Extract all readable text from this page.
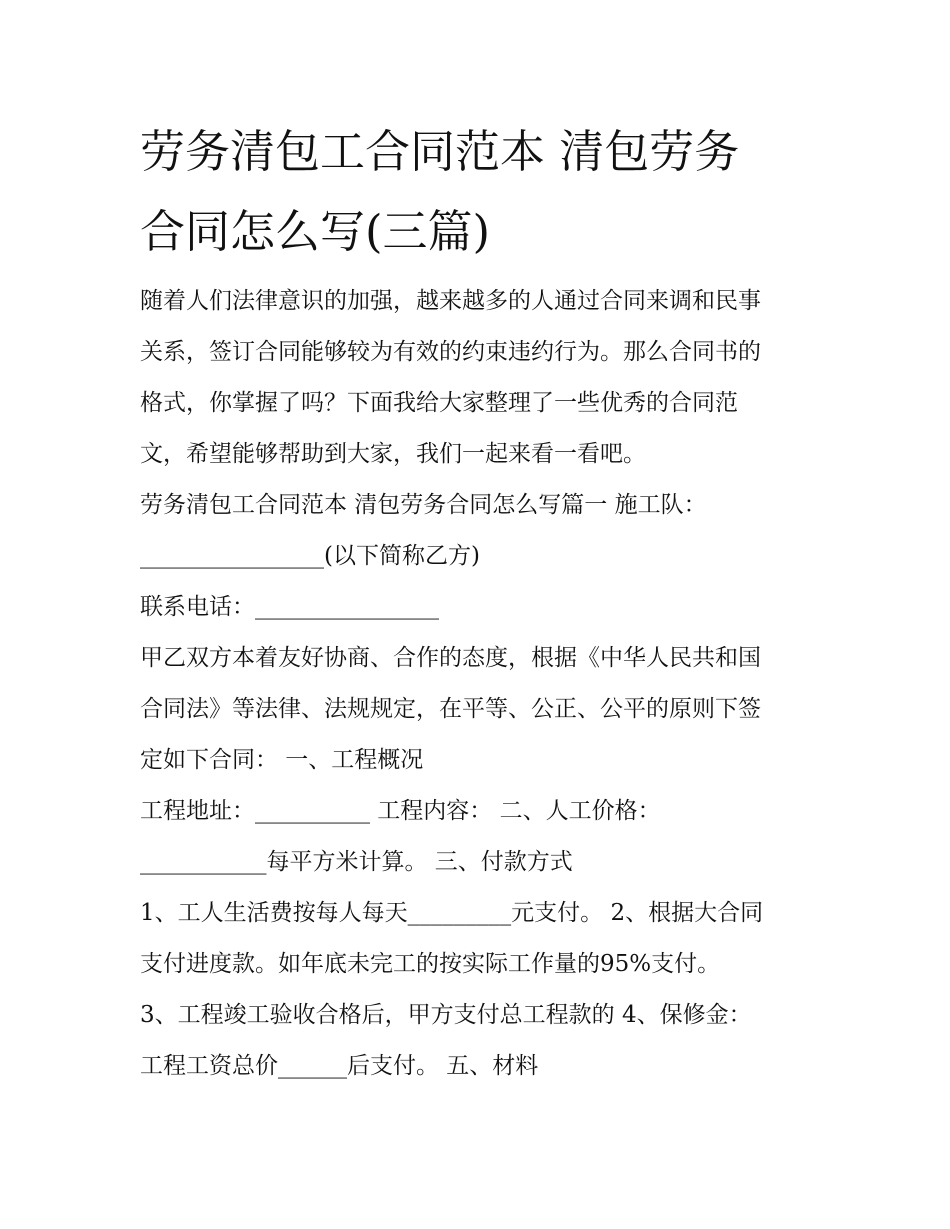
劳务清包工合同范本 清包劳务
合同怎么写(三篇)
随着人们法律意识的加强，越来越多的人通过合同来调和民事
关系，签订合同能够较为有效的约束违约行为。那么合同书的
格式，你掌握了吗？下面我给大家整理了一些优秀的合同范
文，希望能够帮助到大家，我们一起来看一看吧。
劳务清包工合同范本 清包劳务合同怎么写篇一 施工队：
________________(以下简称乙方)
联系电话：________________
甲乙双方本着友好协商、合作的态度，根据《中华人民共和国
合同法》等法律、法规规定，在平等、公正、公平的原则下签
定如下合同： 一、工程概况
工程地址：__________ 工程内容： 二、人工价格：
___________每平方米计算。 三、付款方式
1、工人生活费按每人每天_________元支付。 2、根据大合同
支付进度款。如年底未完工的按实际工作量的95%支付。
3、工程竣工验收合格后，甲方支付总工程款的 4、保修金：
工程工资总价______后支付。 五、材料
